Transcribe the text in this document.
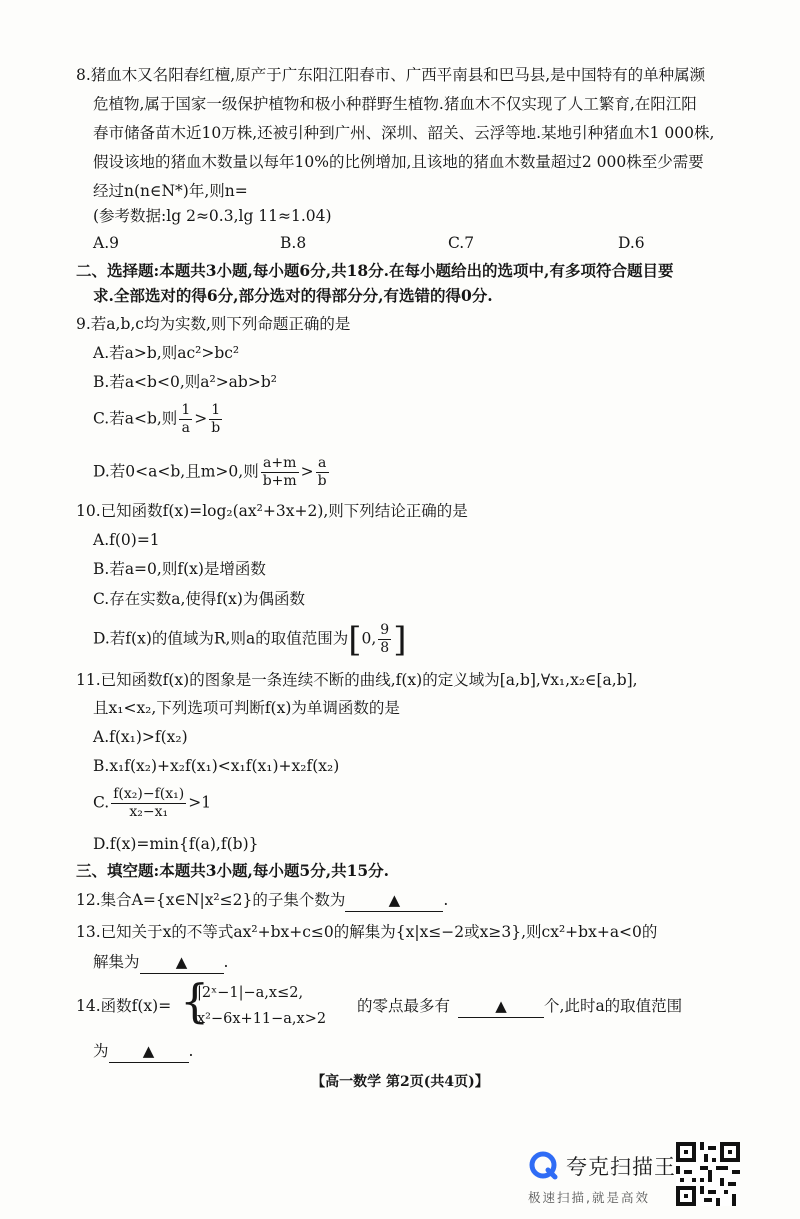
8.猪血木又名阳春红檀,原产于广东阳江阳春市、广西平南县和巴马县,是中国特有的单种属濒
危植物,属于国家一级保护植物和极小种群野生植物.猪血木不仅实现了人工繁育,在阳江阳
春市储备苗木近10万株,还被引种到广州、深圳、韶关、云浮等地.某地引种猪血木1 000株,
假设该地的猪血木数量以每年10%的比例增加,且该地的猪血木数量超过2 000株至少需要
经过n(n∈N*)年,则n=
(参考数据:lg 2≈0.3,lg 11≈1.04)
A.9	B.8	C.7	D.6
二、选择题:本题共3小题,每小题6分,共18分.在每小题给出的选项中,有多项符合题目要
求.全部选对的得6分,部分选对的得部分分,有选错的得0分.
9.若a,b,c均为实数,则下列命题正确的是
A.若a>b,则ac²>bc²
B.若a<b<0,则a²>ab>b²
C.若a<b,则 $\frac{1}{a} > \frac{1}{b}$
D.若0<a<b,且m>0,则 $\frac{a+m}{b+m} > \frac{a}{b}$
10.已知函数f(x)=log₂(ax²+3x+2),则下列结论正确的是
A.f(0)=1
B.若a=0,则f(x)是增函数
C.存在实数a,使得f(x)为偶函数
D.若f(x)的值域为R,则a的取值范围为[0, $\frac{9}{8}$ ]
11.已知函数f(x)的图象是一条连续不断的曲线,f(x)的定义域为[a,b],∀x₁,x₂∈[a,b],
且x₁<x₂,下列选项可判断f(x)为单调函数的是
A.f(x₁)>f(x₂)
B.x₁f(x₂)+x₂f(x₁)<x₁f(x₁)+x₂f(x₂)
C. $\frac{\text{f(x₂)−f(x₁)}}{\text{x₂−x₁}} >1$
D.f(x)=min{f(a),f(b)}
三、填空题:本题共3小题,每小题5分,共15分.
12.集合A={x∈N|x²≤2}的子集个数为	▲	.
13.已知关于x的不等式ax²+bx+c≤0的解集为{x|x≤−2或x≥3},则cx²+bx+a<0的
解集为 ▲ .
14.函数f(x)= {
|2ˣ−1|−a,x≤2,
x²−6x+11−a,x>2
的零点最多有	▲ 个,此时a的取值范围
为 ▲ .
【高一数学 第2页(共4页)】
夸克扫描王
极速扫描,就是高效
